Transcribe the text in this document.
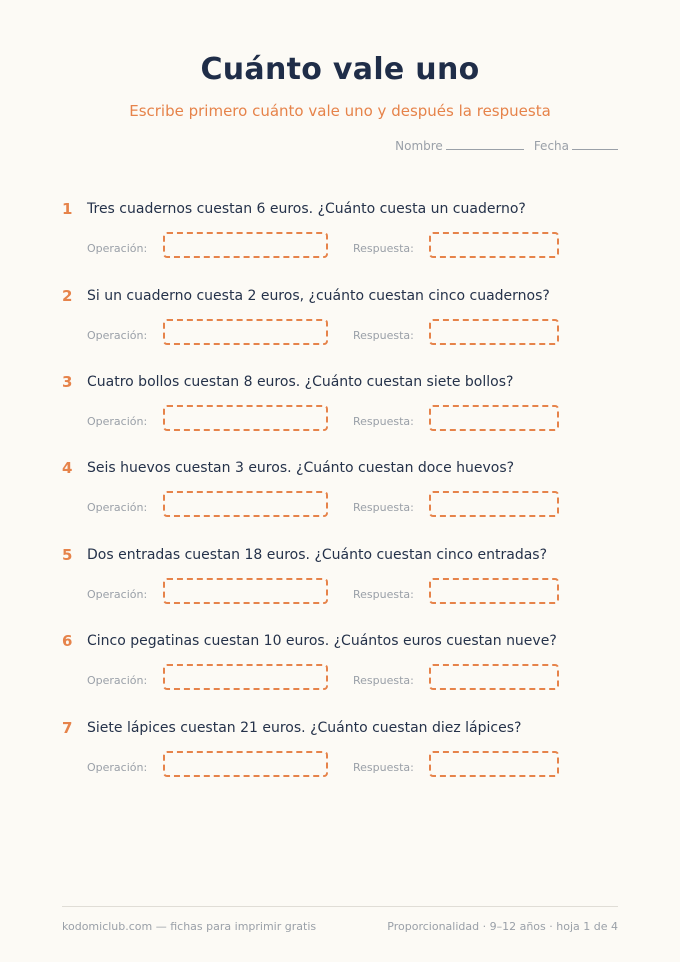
Cuánto vale uno
Escribe primero cuánto vale uno y después la respuesta
Nombre	Fecha
1 Tres cuadernos cuestan 6 euros. ¿Cuánto cuesta un cuaderno?
Operación:	Respuesta:
2 Si un cuaderno cuesta 2 euros, ¿cuánto cuestan cinco cuadernos?
Operación:	Respuesta:
3 Cuatro bollos cuestan 8 euros. ¿Cuánto cuestan siete bollos?
Operación:	Respuesta:
4 Seis huevos cuestan 3 euros. ¿Cuánto cuestan doce huevos?
Operación:	Respuesta:
5 Dos entradas cuestan 18 euros. ¿Cuánto cuestan cinco entradas?
Operación:	Respuesta:
6 Cinco pegatinas cuestan 10 euros. ¿Cuántos euros cuestan nueve?
Operación:	Respuesta:
7 Siete lápices cuestan 21 euros. ¿Cuánto cuestan diez lápices?
Operación:	Respuesta:
kodomiclub.com — fichas para imprimir gratis	Proporcionalidad · 9–12 años · hoja 1 de 4
